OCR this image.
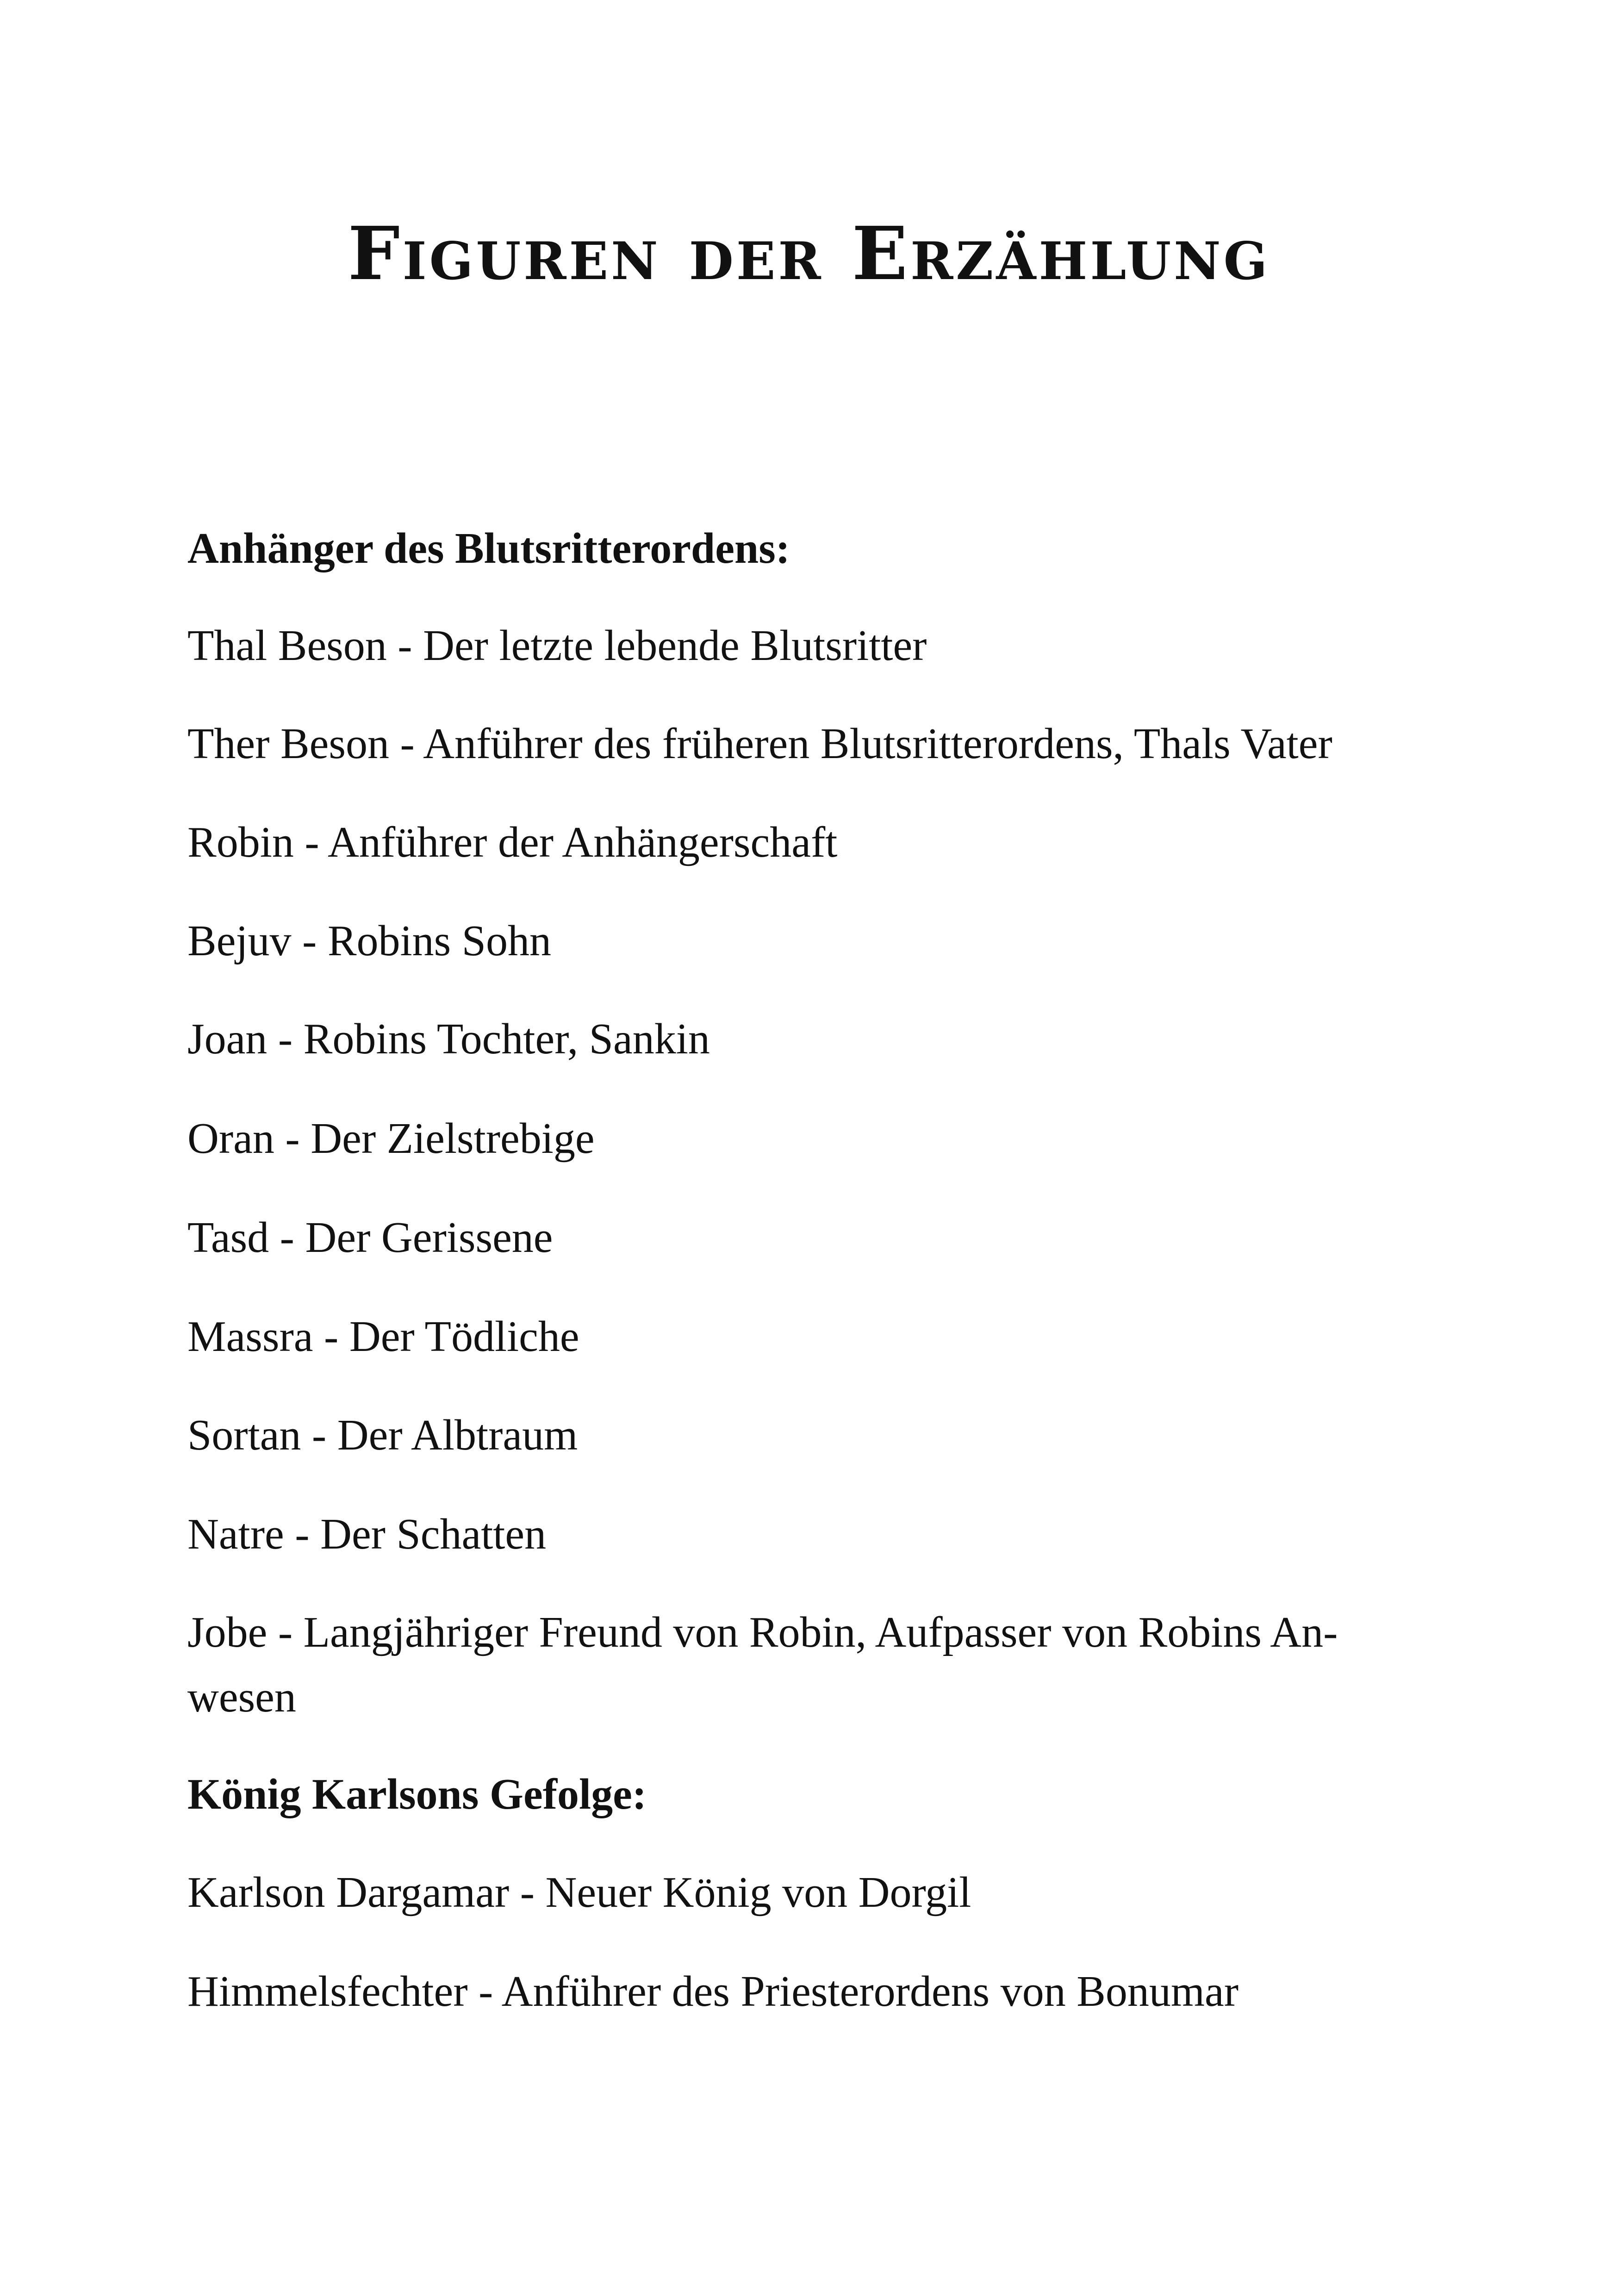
Figuren der Erzählung
Anhänger des Blutsritterordens:
Thal Beson - Der letzte lebende Blutsritter
Ther Beson - Anführer des früheren Blutsritterordens, Thals Vater
Robin - Anführer der Anhängerschaft
Bejuv - Robins Sohn
Joan - Robins Tochter, Sankin
Oran - Der Zielstrebige
Tasd - Der Gerissene
Massra - Der Tödliche
Sortan - Der Albtraum
Natre - Der Schatten
Jobe - Langjähriger Freund von Robin, Aufpasser von Robins An-
wesen
König Karlsons Gefolge:
Karlson Dargamar - Neuer König von Dorgil
Himmelsfechter - Anführer des Priesterordens von Bonumar
